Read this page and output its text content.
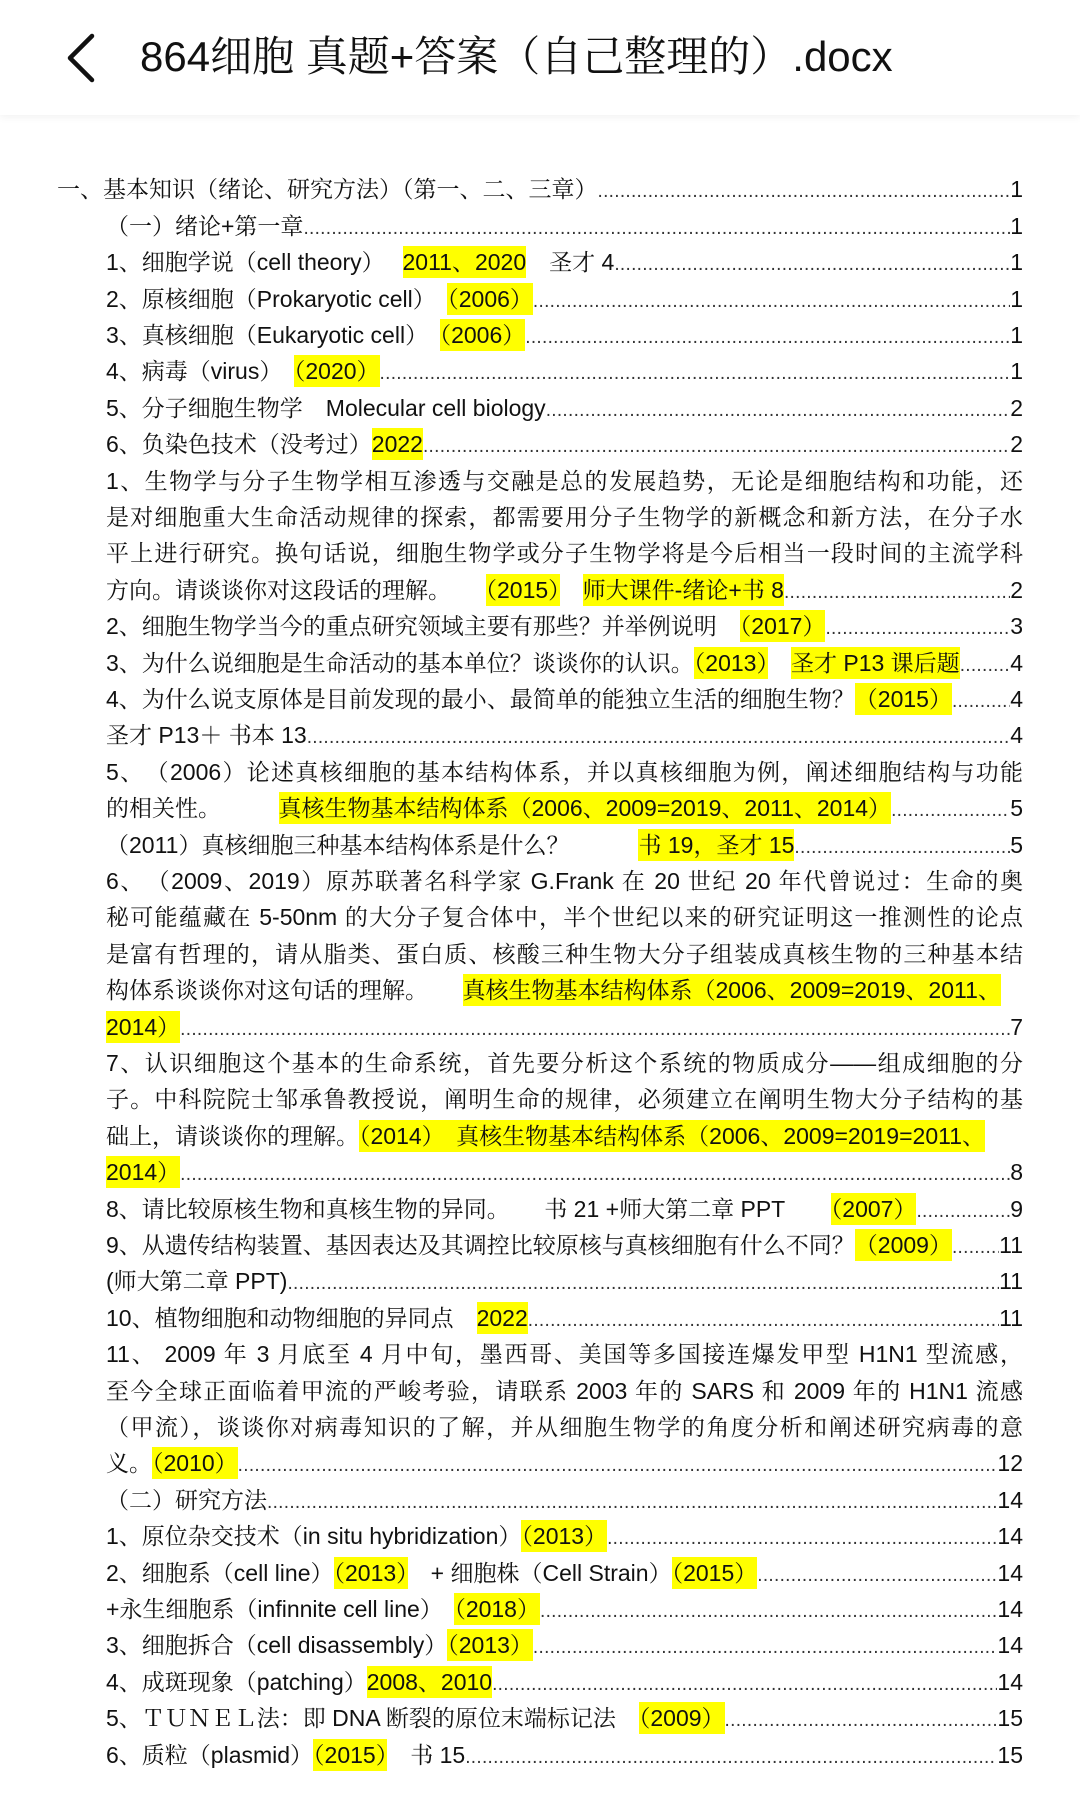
864细胞 真题+答案（自己整理的）.docx
一、基本知识（绪论、研究方法）（第一、二、三章） .....	1
（一）绪论+第一章 .....	1
1、细胞学说（cell theory）　 2011、2020　圣才 4 .....	1
2、原核细胞（Prokaryotic cell）　（2006） .....	1
3、真核细胞（Eukaryotic cell）　（2006） .....	1
4、病毒（virus）　（2020） .....	1
5、分子细胞生物学　Molecular cell biology .....	2
6、负染色技术（没考过）2022 .....	2
1、生物学与分子生物学相互渗透与交融是总的发展趋势，无论是细胞结构和功能，还
是对细胞重大生命活动规律的探索，都需要用分子生物学的新概念和新方法，在分子水
平上进行研究。换句话说，细胞生物学或分子生物学将是今后相当一段时间的主流学科
方向。请谈谈你对这段话的理解。　　（2015）　 师大课件-绪论+书 8 .....	2
2、细胞生物学当今的重点研究领域主要有那些？并举例说明　（2017） .....	3
3、为什么说细胞是生命活动的基本单位？谈谈你的认识。（2013）　 圣才 P13 课后题 ..... 4
4、为什么说支原体是目前发现的最小、最简单的能独立生活的细胞生物？（2015） .....	4
圣才 P13＋ 书本 13 .....	4
5、　（2006）论述真核细胞的基本结构体系，并以真核细胞为例，阐述细胞结构与功能
的相关性。　　　真核生物基本结构体系（2006、2009=2019、2011、2014） .....	5
（2011）真核细胞三种基本结构体系是什么？　　　书 19，圣才 15 .....	5
6、　（2009、2019）原苏联著名科学家 G.Frank 在 20 世纪 20 年代曾说过：生命的奥
秘可能蕴藏在 5-50nm 的大分子复合体中，半个世纪以来的研究证明这一推测性的论点
是富有哲理的，请从脂类、蛋白质、核酸三种生物大分子组装成真核生物的三种基本结
构体系谈谈你对这句话的理解。　　真核生物基本结构体系（2006、2009=2019、2011、
2014） .....	7
7、认识细胞这个基本的生命系统，首先要分析这个系统的物质成分——组成细胞的分
子。中科院院士邹承鲁教授说，阐明生命的规律，必须建立在阐明生物大分子结构的基
础上，请谈谈你的理解。（2014）　真核生物基本结构体系（2006、2009=2019=2011、
2014） .....	8
8、请比较原核生物和真核生物的异同。　　书 21 +师大第二章 PPT　　（2007） .....	9
9、从遗传结构装置、基因表达及其调控比较原核与真核细胞有什么不同？（2009） ..... 11
(师大第二章 PPT) .....	11
10、植物细胞和动物细胞的异同点　2022 .....	11
11、 2009 年 3 月底至 4 月中旬，墨西哥、美国等多国接连爆发甲型 H1N1 型流感，
至今全球正面临着甲流的严峻考验，请联系 2003 年的 SARS 和 2009 年的 H1N1 流感
（甲流），谈谈你对病毒知识的了解，并从细胞生物学的角度分析和阐述研究病毒的意
义。（2010） .....	12
（二）研究方法 .....	14
1、原位杂交技术（in situ hybridization）（2013） .....	14
2、细胞系（cell line）（2013）　+ 细胞株（Cell Strain）（2015） .....	14
+永生细胞系（infinnite cell line）　（2018） .....	14
3、细胞拆合（cell disassembly）（2013） .....	14
4、成斑现象（patching）2008、2010 .....	14
5、ＴＵＮＥＬ法：即 DNA 断裂的原位末端标记法　（2009） .....	15
6、质粒（plasmid）（2015）　书 15 .....	15
